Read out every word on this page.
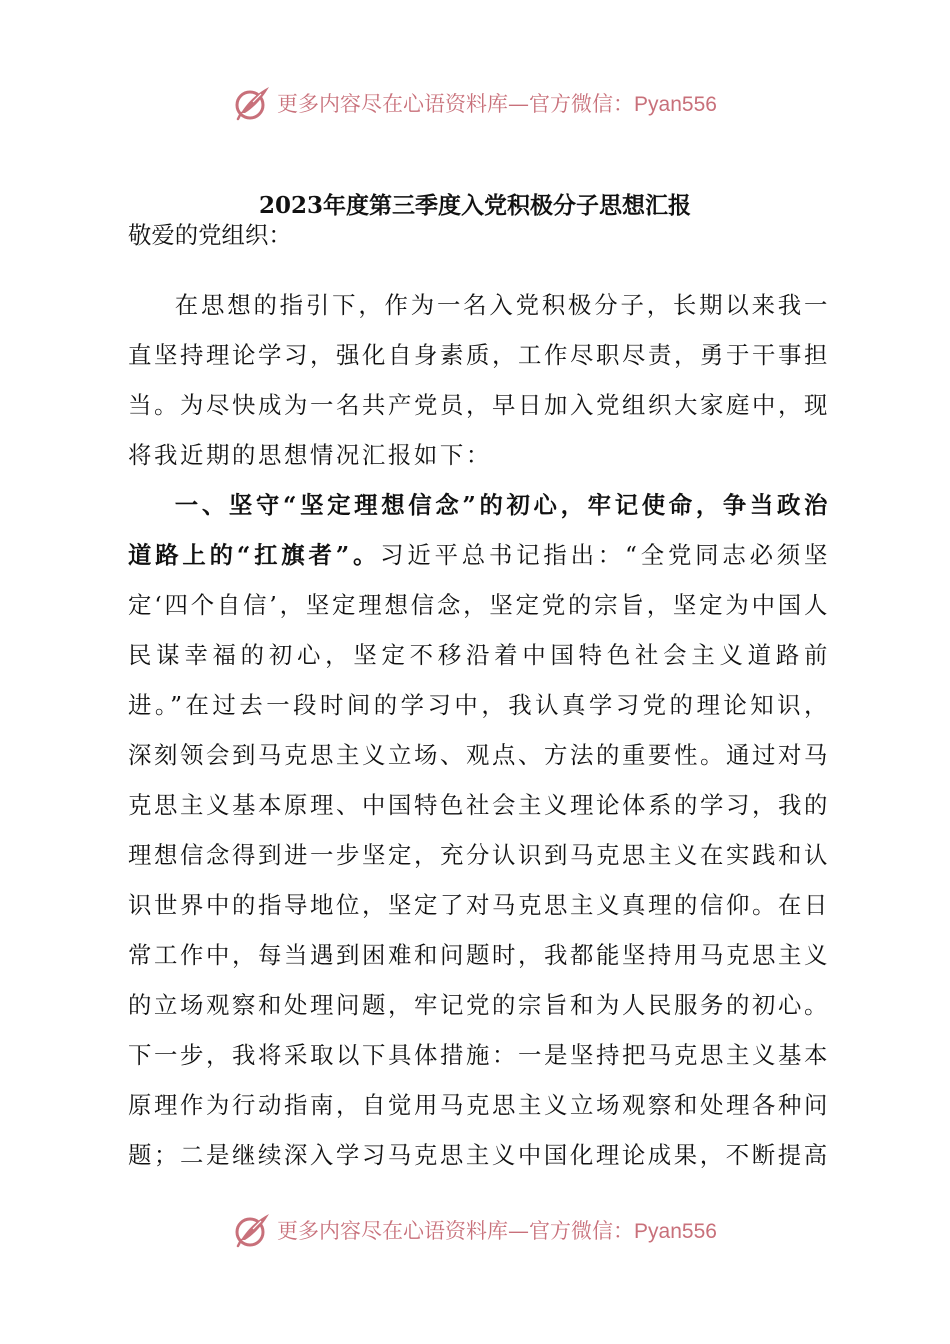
更多内容尽在心语资料库—官方微信：Pyan556
2023年度第三季度入党积极分子思想汇报

敬爱的党组织：

在思想的指引下，作为一名入党积极分子，长期以来我一直坚持理论学习，强化自身素质，工作尽职尽责，勇于干事担当。为尽快成为一名共产党员，早日加入党组织大家庭中，现将我近期的思想情况汇报如下：

一、坚守“坚定理想信念”的初心，牢记使命，争当政治道路上的“扛旗者”。习近平总书记指出：“全党同志必须坚定‘四个自信’，坚定理想信念，坚定党的宗旨，坚定为中国人民谋幸福的初心，坚定不移沿着中国特色社会主义道路前进。”在过去一段时间的学习中，我认真学习党的理论知识，深刻领会到马克思主义立场、观点、方法的重要性。通过对马克思主义基本原理、中国特色社会主义理论体系的学习，我的理想信念得到进一步坚定，充分认识到马克思主义在实践和认识世界中的指导地位，坚定了对马克思主义真理的信仰。在日常工作中，每当遇到困难和问题时，我都能坚持用马克思主义的立场观察和处理问题，牢记党的宗旨和为人民服务的初心。下一步，我将采取以下具体措施：一是坚持把马克思主义基本原理作为行动指南，自觉用马克思主义立场观察和处理各种问题；二是继续深入学习马克思主义中国化理论成果，不断提高

更多内容尽在心语资料库—官方微信：Pyan556
